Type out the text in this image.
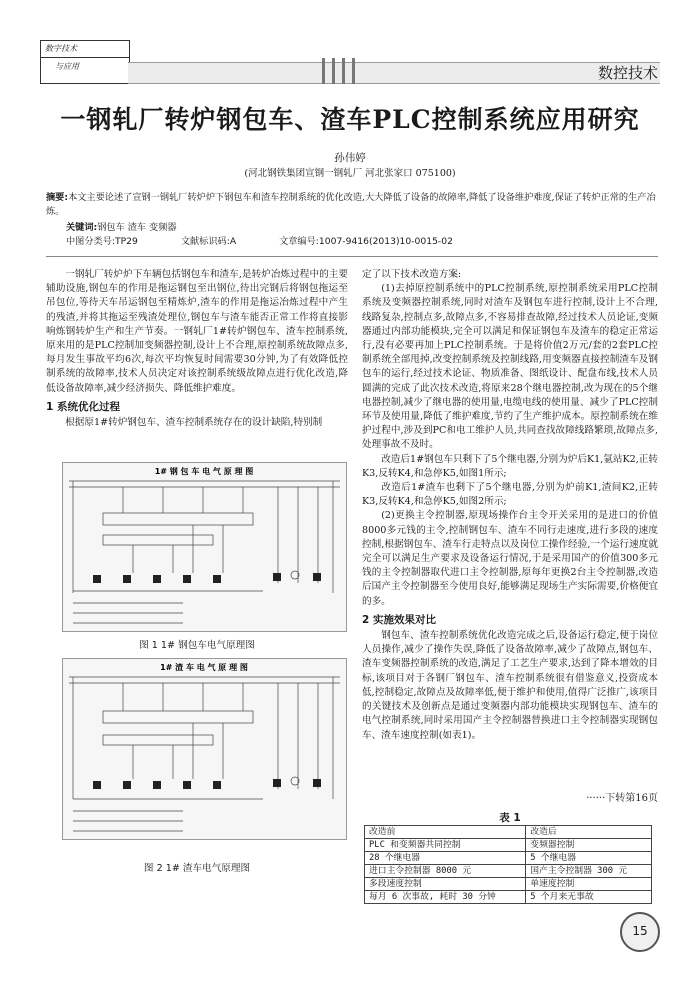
数字技术
与应用	数控技术
一钢轧厂转炉钢包车、渣车PLC控制系统应用研究
孙伟婷
(河北钢铁集团宣钢一钢轧厂 河北张家口 075100)
摘要:本文主要论述了宣钢一钢轧厂转炉炉下钢包车和渣车控制系统的优化改造,大大降低了设备的故障率,降低了设备维护难度,保证了转炉正常的生产冶炼。
关键词:钢包车 渣车 变频器
中图分类号:TP29	文献标识码:A	文章编号:1007-9416(2013)10-0015-02

一钢轧厂转炉炉下车辆包括钢包车和渣车,是转炉冶炼过程中的主要辅助设施,钢包车的作用是拖运钢包至出钢位,待出完钢后将钢包拖运至吊包位,等待天车吊运钢包至精炼炉,渣车的作用是拖运冶炼过程中产生的残渣,并将其拖运至残渣处理位,钢包车与渣车能否正常工作将直接影响炼钢转炉生产和生产节奏。一钢轧厂1#转炉钢包车、渣车控制系统,原来用的是PLC控制加变频器控制,设计上不合理,原控制系统故障点多,每月发生事故平均6次,每次平均恢复时间需要30分钟,为了有效降低控制系统的故障率,技术人员决定对该控制系统级故障点进行优化改造,降低设备故障率,减少经济损失、降低维护难度。

1 系统优化过程

根据原1#转炉钢包车、渣车控制系统存在的设计缺陷,特别制

1# 钢 包 车 电 气 原 理 图
图 1 1# 钢包车电气原理图
1# 渣 车 电 气 原 理 图
图 2 1# 渣车电气原理图

定了以下技术改造方案:

(1)去掉原控制系统中的PLC控制系统,原控制系统采用PLC控制系统及变频器控制系统,同时对渣车及钢包车进行控制,设计上不合理,线路复杂,控制点多,故障点多,不容易排查故障,经过技术人员论证,变频器通过内部功能模块,完全可以满足和保证钢包车及渣车的稳定正常运行,没有必要再加上PLC控制系统。于是将价值2万元/套的2套PLC控制系统全部甩掉,改变控制系统及控制线路,用变频器直接控制渣车及钢包车的运行,经过技术论证、物质准备、图纸设计、配盘布线,技术人员圆满的完成了此次技术改造,将原来28个继电器控制,改为现在的5个继电器控制,减少了继电器的使用量,电缆电线的使用量、减少了PLC控制环节及使用量,降低了维护难度,节约了生产维护成本。原控制系统在维护过程中,涉及到PC和电工维护人员,共同查找故障线路繁琐,故障点多,处理事故不及时。

改造后1#钢包车只剩下了5个继电器,分别为炉后K1,氩站K2,正转K3,反转K4,和急停K5,如图1所示;

改造后1#渣车也剩下了5个继电器,分别为炉前K1,渣间K2,正转K3,反转K4,和急停K5,如图2所示;

(2)更换主令控制器,原现场操作台主令开关采用的是进口的价值8000多元钱的主令,控制钢包车、渣车不同行走速度,进行多段的速度控制,根据钢包车、渣车行走特点以及岗位工操作经验,一个运行速度就完全可以满足生产要求及设备运行情况,于是采用国产的价值300多元钱的主令控制器取代进口主令控制器,原每年更换2台主令控制器,改造后国产主令控制器至今使用良好,能够满足现场生产实际需要,价格便宜的多。

2 实施效果对比

钢包车、渣车控制系统优化改造完成之后,设备运行稳定,便于岗位人员操作,减少了操作失误,降低了设备故障率,减少了故障点,钢包车、渣车变频器控制系统的改造,满足了工艺生产要求,达到了降本增效的目标,该项目对于各钢厂钢包车、渣车控制系统很有借鉴意义,投资成本低,控制稳定,故障点及故障率低,便于维护和使用,值得广泛推广,该项目的关键技术及创新点是通过变频器内部功能模块实现钢包车、渣车的电气控制系统,同时采用国产主令控制器替换进口主令控制器实现钢包车、渣车速度控制(如表1)。

······下转第16页
表 1
改造前	改造后
PLC 和变频器共同控制	变频器控制
28 个继电器	5 个继电器
进口主令控制器 8000 元	国产主令控制器 300 元
多段速度控制	单速度控制
每月 6 次事故, 耗时 30 分钟	5 个月来无事故
15
